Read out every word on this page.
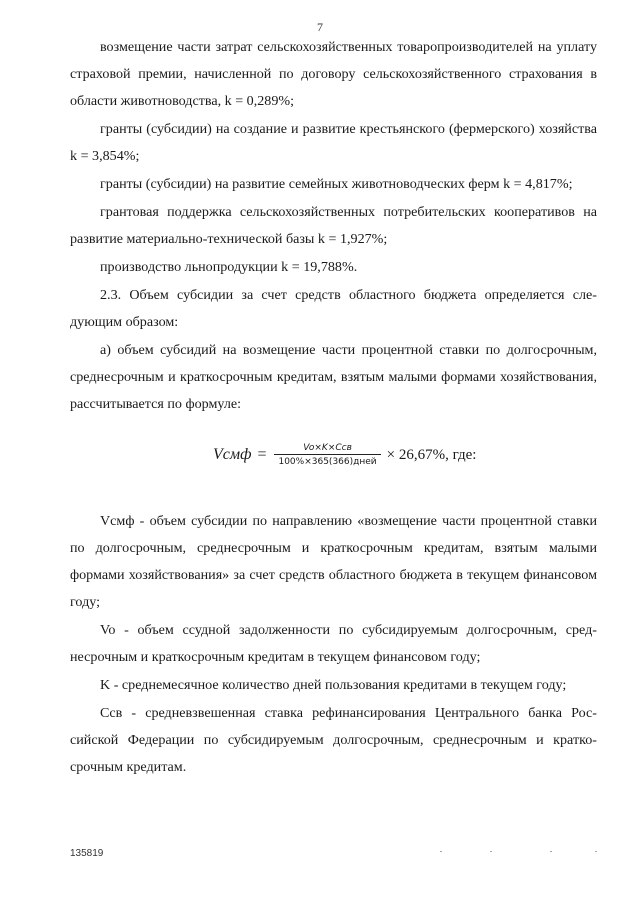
7

возмещение части затрат сельскохозяйственных товаропроизводителей на уплату страховой премии, начисленной по договору сельскохозяйственного страхования в области животноводства, k = 0,289%;

гранты (субсидии) на создание и развитие крестьянского (фермерского) хозяйства k = 3,854%;

гранты (субсидии) на развитие семейных животноводческих ферм k = 4,817%;

грантовая поддержка сельскохозяйственных потребительских кооперативов на развитие материально-технической базы k = 1,927%;

производство льнопродукции k = 19,788%.

2.3. Объем субсидии за счет средств областного бюджета определяется следующим образом:

а) объем субсидий на возмещение части процентной ставки по долгосрочным, среднесрочным и краткосрочным кредитам, взятым малыми формами хозяйствования, рассчитывается по формуле:

Vсмф = $\frac{\text{Vo×K×Cсв}}{\text{100\%×365(366)дней}} \times 26,67\%$, где:

Vсмф - объем субсидии по направлению «возмещение части процентной ставки по долгосрочным, среднесрочным и краткосрочным кредитам, взятым малыми формами хозяйствования» за счет средств областного бюджета в текущем финансовом году;

Vo - объем ссудной задолженности по субсидируемым долгосрочным, среднесрочным и краткосрочным кредитам в текущем финансовом году;

K - среднемесячное количество дней пользования кредитами в текущем году;

Cсв - средневзвешенная ставка рефинансирования Центрального банка Российской Федерации по субсидируемым долгосрочным, среднесрочным и краткосрочным кредитам.

135819
